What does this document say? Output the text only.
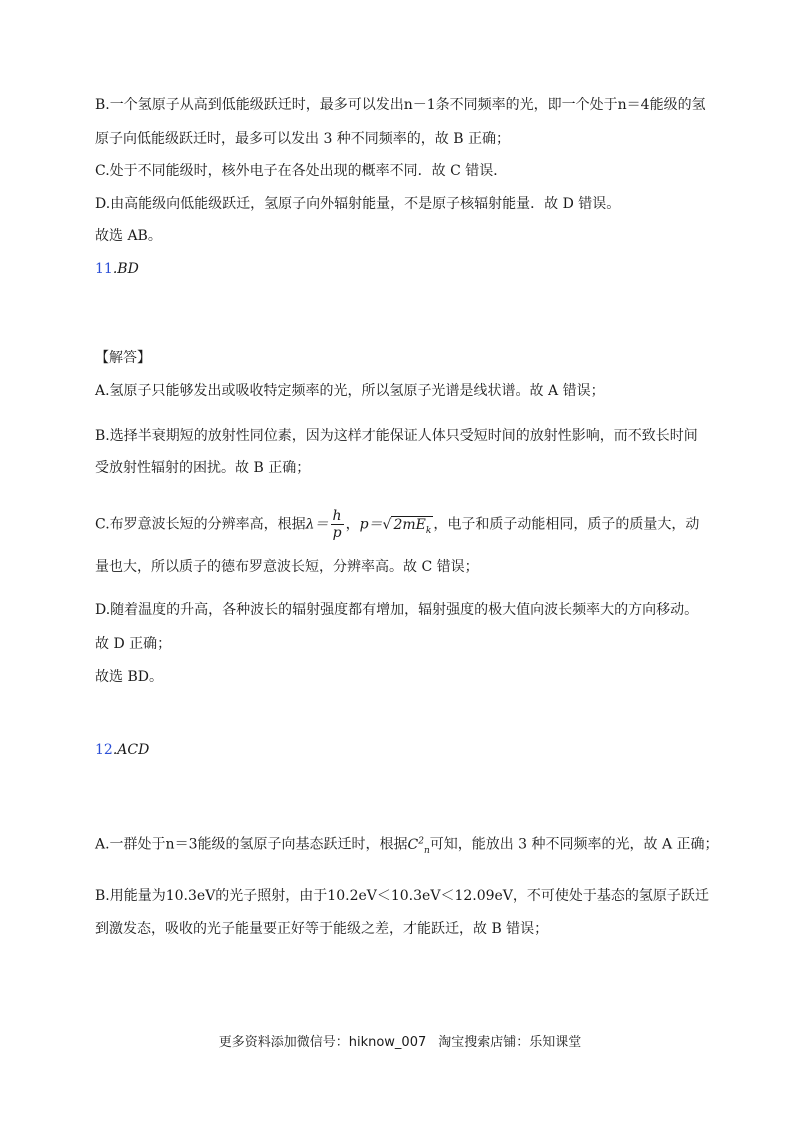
B.一个氢原子从高到低能级跃迁时，最多可以发出n－1条不同频率的光，即一个处于n＝4能级的氢
原子向低能级跃迁时，最多可以发出 3 种不同频率的，故 B 正确；
C.处于不同能级时，核外电子在各处出现的概率不同．故 C 错误．
D.由高能级向低能级跃迁，氢原子向外辐射能量，不是原子核辐射能量．故 D 错误。
故选 AB。
11.BD
【解答】
A.氢原子只能够发出或吸收特定频率的光，所以氢原子光谱是线状谱。故 A 错误；
B.选择半衰期短的放射性同位素，因为这样才能保证人体只受短时间的放射性影响，而不致长时间
受放射性辐射的困扰。故 B 正确；
C.布罗意波长短的分辨率高，根据$\lambda= \frac{h}{p}$ ，p＝√ $2mE_k$ ，电子和质子动能相同，质子的质量大，动
量也大，所以质子的德布罗意波长短，分辨率高。故 C 错误；
D.随着温度的升高，各种波长的辐射强度都有增加，辐射强度的极大值向波长频率大的方向移动。
故 D 正确；
故选 BD。
12.ACD
A.一群处于n＝3能级的氢原子向基态跃迁时，根据$C^2_n$可知，能放出 3 种不同频率的光，故 A 正确；
B.用能量为10.3eV的光子照射，由于10.2eV＜10.3eV＜12.09eV，不可使处于基态的氢原子跃迁
到激发态，吸收的光子能量要正好等于能级之差，才能跃迁，故 B 错误；
更多资料添加微信号：hiknow_007 淘宝搜索店铺：乐知课堂
